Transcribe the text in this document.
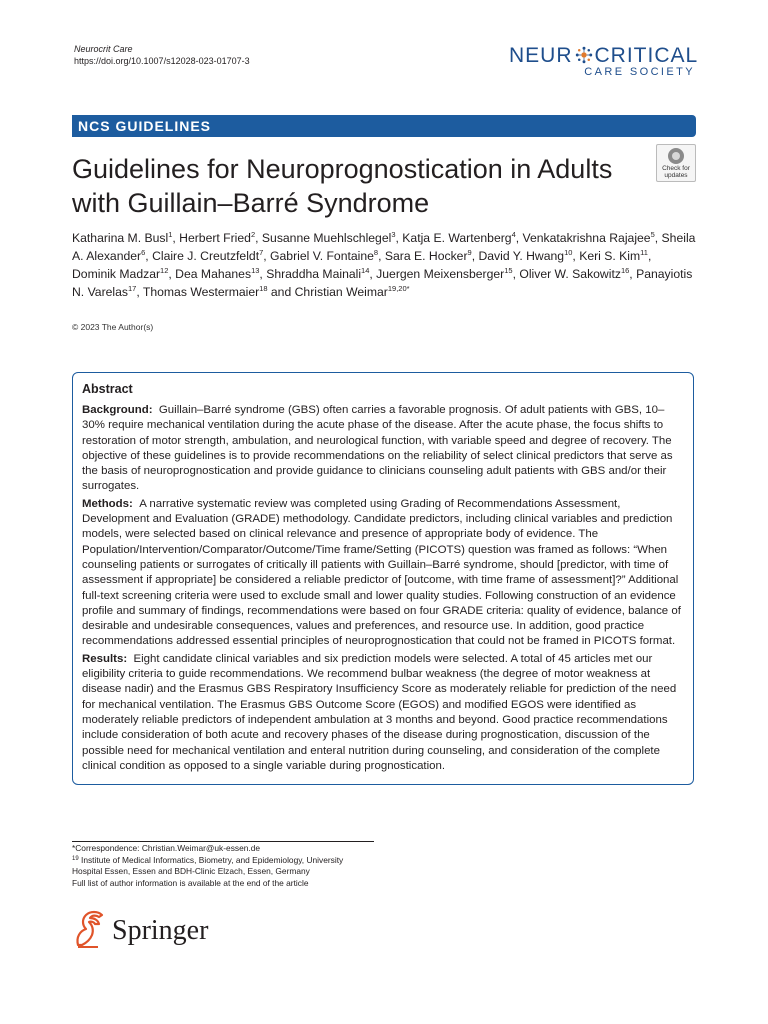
Neurocrit Care
https://doi.org/10.1007/s12028-023-01707-3	NEUR CRITICAL
CARE SOCIETY
NCS GUIDELINES
Guidelines for Neuroprognostication in Adults with Guillain–Barré Syndrome
Check for
updates
Katharina M. Busl$^1$, Herbert Fried$^2$, Susanne Muehlschlegel$^3$, Katja E. Wartenberg$^4$, Venkatakrishna Rajajee$^5$, Sheila A. Alexander$^6$, Claire J. Creutzfeldt$^7$, Gabriel V. Fontaine$^8$, Sara E. Hocker$^9$, David Y. Hwang$^{10}$, Keri S. Kim$^{11}$, Dominik Madzar$^{12}$, Dea Mahanes$^{13}$, Shraddha Mainali$^{14}$, Juergen Meixensberger$^{15}$, Oliver W. Sakowitz$^{16}$, Panayiotis N. Varelas$^{17}$, Thomas Westermaier$^{18}$ and Christian Weimar$^{19,20*}$
© 2023 The Author(s)
Abstract

Background: Guillain–Barré syndrome (GBS) often carries a favorable prognosis. Of adult patients with GBS, 10–30% require mechanical ventilation during the acute phase of the disease. After the acute phase, the focus shifts to restoration of motor strength, ambulation, and neurological function, with variable speed and degree of recovery. The objective of these guidelines is to provide recommendations on the reliability of select clinical predictors that serve as the basis of neuroprognostication and provide guidance to clinicians counseling adult patients with GBS and/or their surrogates.

Methods: A narrative systematic review was completed using Grading of Recommendations Assessment, Development and Evaluation (GRADE) methodology. Candidate predictors, including clinical variables and prediction models, were selected based on clinical relevance and presence of appropriate body of evidence. The Population/Intervention/Comparator/Outcome/Time frame/Setting (PICOTS) question was framed as follows: “When counseling patients or surrogates of critically ill patients with Guillain–Barré syndrome, should [predictor, with time of assessment if appropriate] be considered a reliable predictor of [outcome, with time frame of assessment]?” Additional full-text screening criteria were used to exclude small and lower quality studies. Following construction of an evidence profile and summary of findings, recommendations were based on four GRADE criteria: quality of evidence, balance of desirable and undesirable consequences, values and preferences, and resource use. In addition, good practice recommendations addressed essential principles of neuroprognostication that could not be framed in PICOTS format.

Results: Eight candidate clinical variables and six prediction models were selected. A total of 45 articles met our eligibility criteria to guide recommendations. We recommend bulbar weakness (the degree of motor weakness at disease nadir) and the Erasmus GBS Respiratory Insufficiency Score as moderately reliable for prediction of the need for mechanical ventilation. The Erasmus GBS Outcome Score (EGOS) and modified EGOS were identified as moderately reliable predictors of independent ambulation at 3 months and beyond. Good practice recommendations include consideration of both acute and recovery phases of the disease during prognostication, discussion of the possible need for mechanical ventilation and enteral nutrition during counseling, and consideration of the complete clinical condition as opposed to a single variable during prognostication.

*Correspondence: Christian.Weimar@uk-essen.de
$^{19}$ Institute of Medical Informatics, Biometry, and Epidemiology, University
Hospital Essen, Essen and BDH-Clinic Elzach, Essen, Germany
Full list of author information is available at the end of the article
Springer
